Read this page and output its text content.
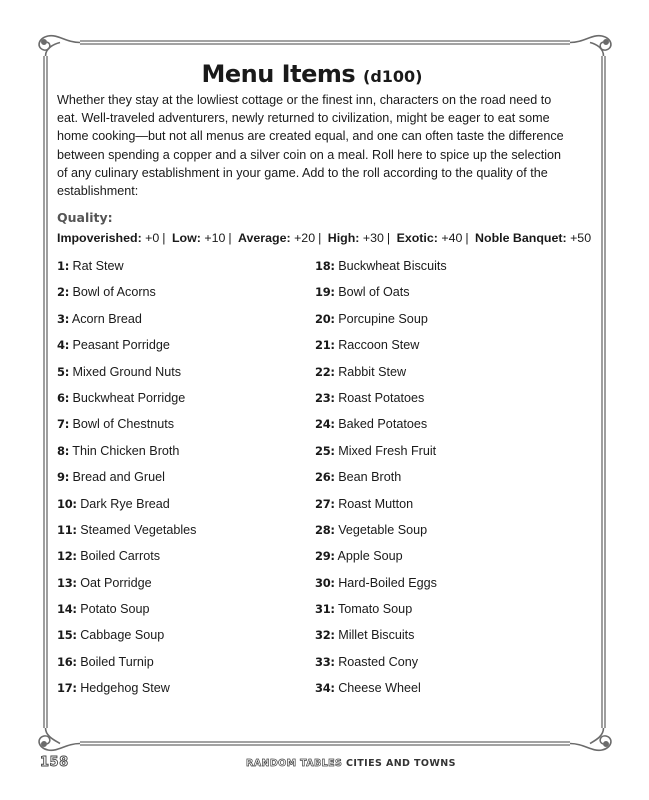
Menu Items (d100)

Whether they stay at the lowliest cottage or the finest inn, characters on the road need to eat. Well-traveled adventurers, newly returned to civilization, might be eager to eat some home cooking—but not all menus are created equal, and one can often taste the difference between spending a copper and a silver coin on a meal. Roll here to spice up the selection of any culinary establishment in your game. Add to the roll according to the quality of the establishment:

Quality:
Impoverished: +0 | Low: +10 | Average: +20 | High: +30 | Exotic: +40 | Noble Banquet: +50
1: Rat Stew
2: Bowl of Acorns
3: Acorn Bread
4: Peasant Porridge
5: Mixed Ground Nuts
6: Buckwheat Porridge
7: Bowl of Chestnuts
8: Thin Chicken Broth
9: Bread and Gruel
10: Dark Rye Bread
11: Steamed Vegetables
12: Boiled Carrots
13: Oat Porridge
14: Potato Soup
15: Cabbage Soup
16: Boiled Turnip
17: Hedgehog Stew
18: Buckwheat Biscuits
19: Bowl of Oats
20: Porcupine Soup
21: Raccoon Stew
22: Rabbit Stew
23: Roast Potatoes
24: Baked Potatoes
25: Mixed Fresh Fruit
26: Bean Broth
27: Roast Mutton
28: Vegetable Soup
29: Apple Soup
30: Hard-Boiled Eggs
31: Tomato Soup
32: Millet Biscuits
33: Roasted Cony
34: Cheese Wheel
158	RANDOM TABLES CITIES AND TOWNS
